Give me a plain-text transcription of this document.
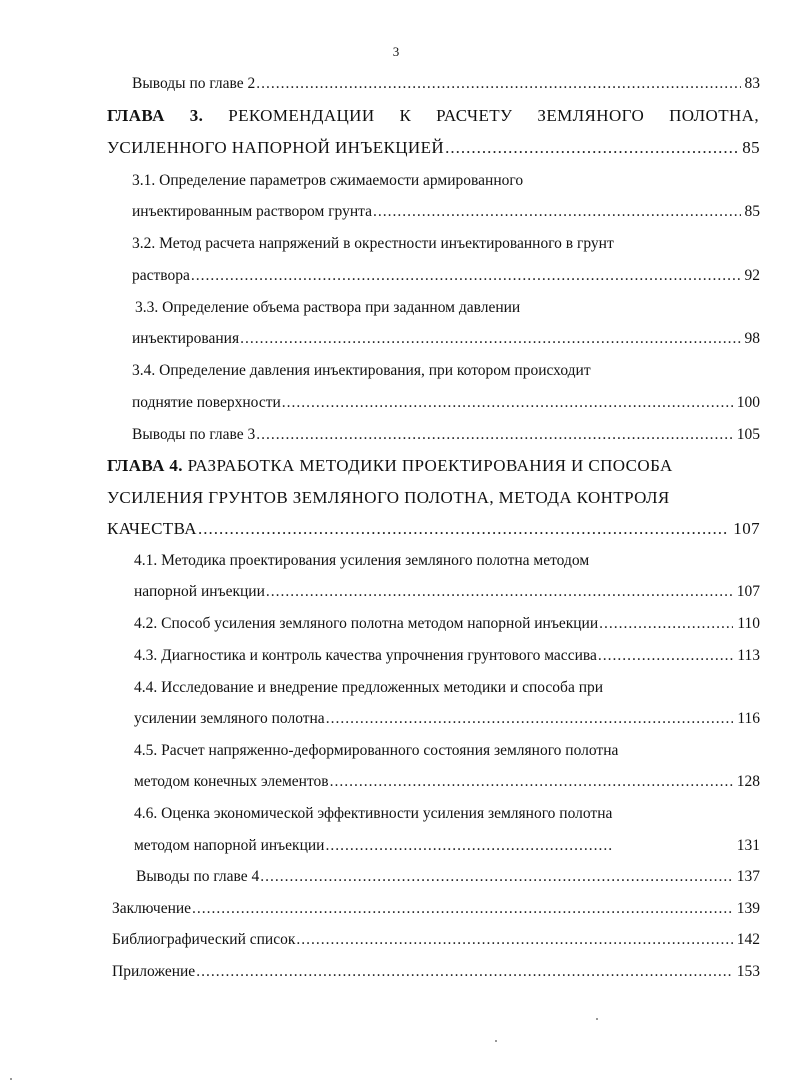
3
Выводы по главе 2 .....	83
ГЛАВА 3. РЕКОМЕНДАЦИИ К РАСЧЕТУ ЗЕМЛЯНОГО ПОЛОТНА,
УСИЛЕННОГО НАПОРНОЙ ИНЪЕКЦИЕЙ .....	85
3.1. Определение параметров сжимаемости армированного
инъектированным раствором грунта .....	85
3.2. Метод расчета напряжений в окрестности инъектированного в грунт
раствора .....	92
3.3. Определение объема раствора при заданном давлении
инъектирования .....	98
3.4. Определение давления инъектирования, при котором происходит
поднятие поверхности .....	100
Выводы по главе 3 .....	105
ГЛАВА 4. РАЗРАБОТКА МЕТОДИКИ ПРОЕКТИРОВАНИЯ И СПОСОБА
УСИЛЕНИЯ ГРУНТОВ ЗЕМЛЯНОГО ПОЛОТНА, МЕТОДА КОНТРОЛЯ
КАЧЕСТВА .....	107
4.1. Методика проектирования усиления земляного полотна методом
напорной инъекции .....	107
4.2. Способ усиления земляного полотна методом напорной инъекции .....	110
4.3. Диагностика и контроль качества упрочнения грунтового массива .....	113
4.4. Исследование и внедрение предложенных методики и способа при
усилении земляного полотна .....	116
4.5. Расчет напряженно-деформированного состояния земляного полотна
методом конечных элементов .....	128
4.6. Оценка экономической эффективности усиления земляного полотна
методом напорной инъекции .....	131
Выводы по главе 4 .....	137
Заключение .....	139
Библиографический список .....	142
Приложение .....	153
